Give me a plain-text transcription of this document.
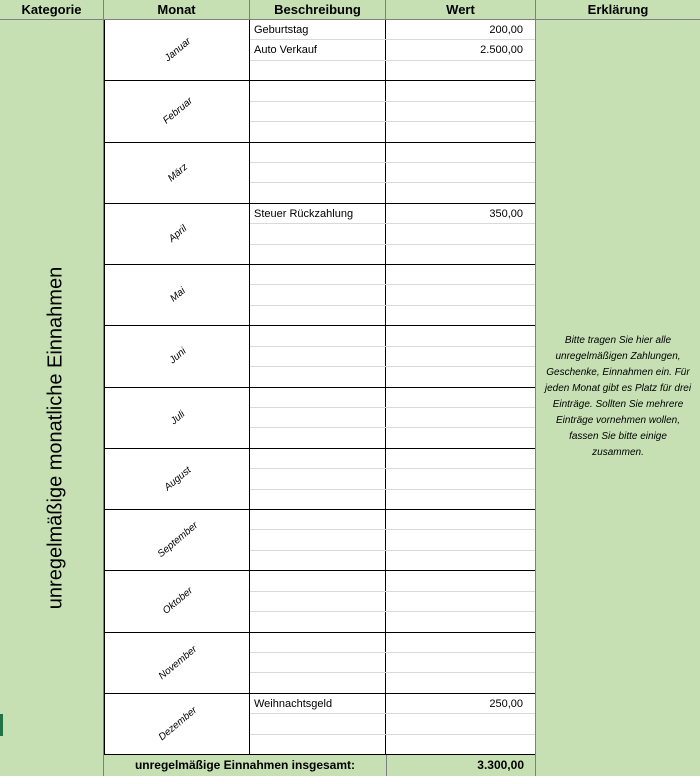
Kategorie	Monat	Beschreibung	Wert	Erklärung
unregelmäßige monatliche Einnahmen	Bitte tragen Sie hier alle unregelmäßigen Zahlungen, Geschenke, Einnahmen ein. Für jeden Monat gibt es Platz für drei Einträge. Sollten Sie mehrere Einträge vornehmen wollen, fassen Sie bitte einige zusammen.
Januar
Geburtstag	200,00
Auto Verkauf	2.500,00
Februar
März
April
Steuer Rückzahlung	350,00
Mai
Juni
Juli
August
September
Oktober
November
Dezember
Weihnachtsgeld	250,00
unregelmäßige Einnahmen insgesamt:	3.300,00
